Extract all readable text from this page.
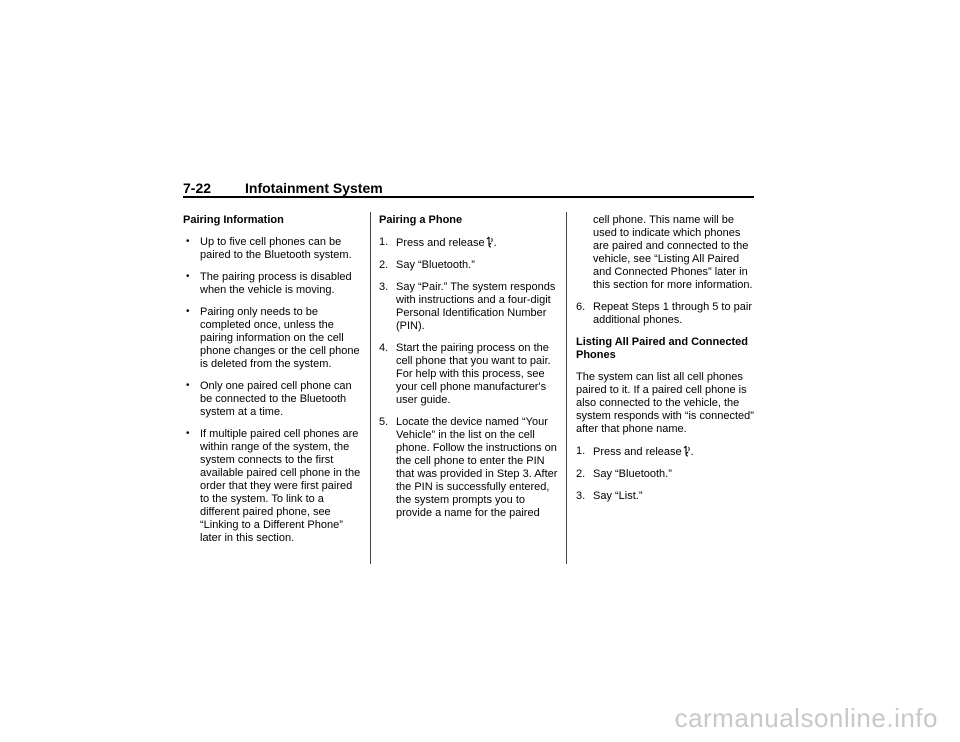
7-22 Infotainment System
Pairing Information
• Up to five cell phones can be paired to the Bluetooth system.
• The pairing process is disabled when the vehicle is moving.
• Pairing only needs to be completed once, unless the pairing information on the cell phone changes or the cell phone is deleted from the system.
• Only one paired cell phone can be connected to the Bluetooth system at a time.
• If multiple paired cell phones are within range of the system, the system connects to the first available paired cell phone in the order that they were first paired to the system. To link to a different paired phone, see “Linking to a Different Phone” later in this section.
Pairing a Phone
1. Press and release .
2. Say “Bluetooth.”
3. Say “Pair.” The system responds with instructions and a four-digit Personal Identification Number (PIN).
4. Start the pairing process on the cell phone that you want to pair. For help with this process, see your cell phone manufacturer's user guide.
5. Locate the device named “Your Vehicle” in the list on the cell phone. Follow the instructions on the cell phone to enter the PIN that was provided in Step 3. After the PIN is successfully entered, the system prompts you to provide a name for the paired
cell phone. This name will be used to indicate which phones are paired and connected to the vehicle, see “Listing All Paired and Connected Phones” later in this section for more information.
6. Repeat Steps 1 through 5 to pair additional phones.
Listing All Paired and Connected Phones
The system can list all cell phones paired to it. If a paired cell phone is also connected to the vehicle, the system responds with “is connected” after that phone name.
1. Press and release .
2. Say “Bluetooth.”
3. Say “List.”
carmanualsonline.info
